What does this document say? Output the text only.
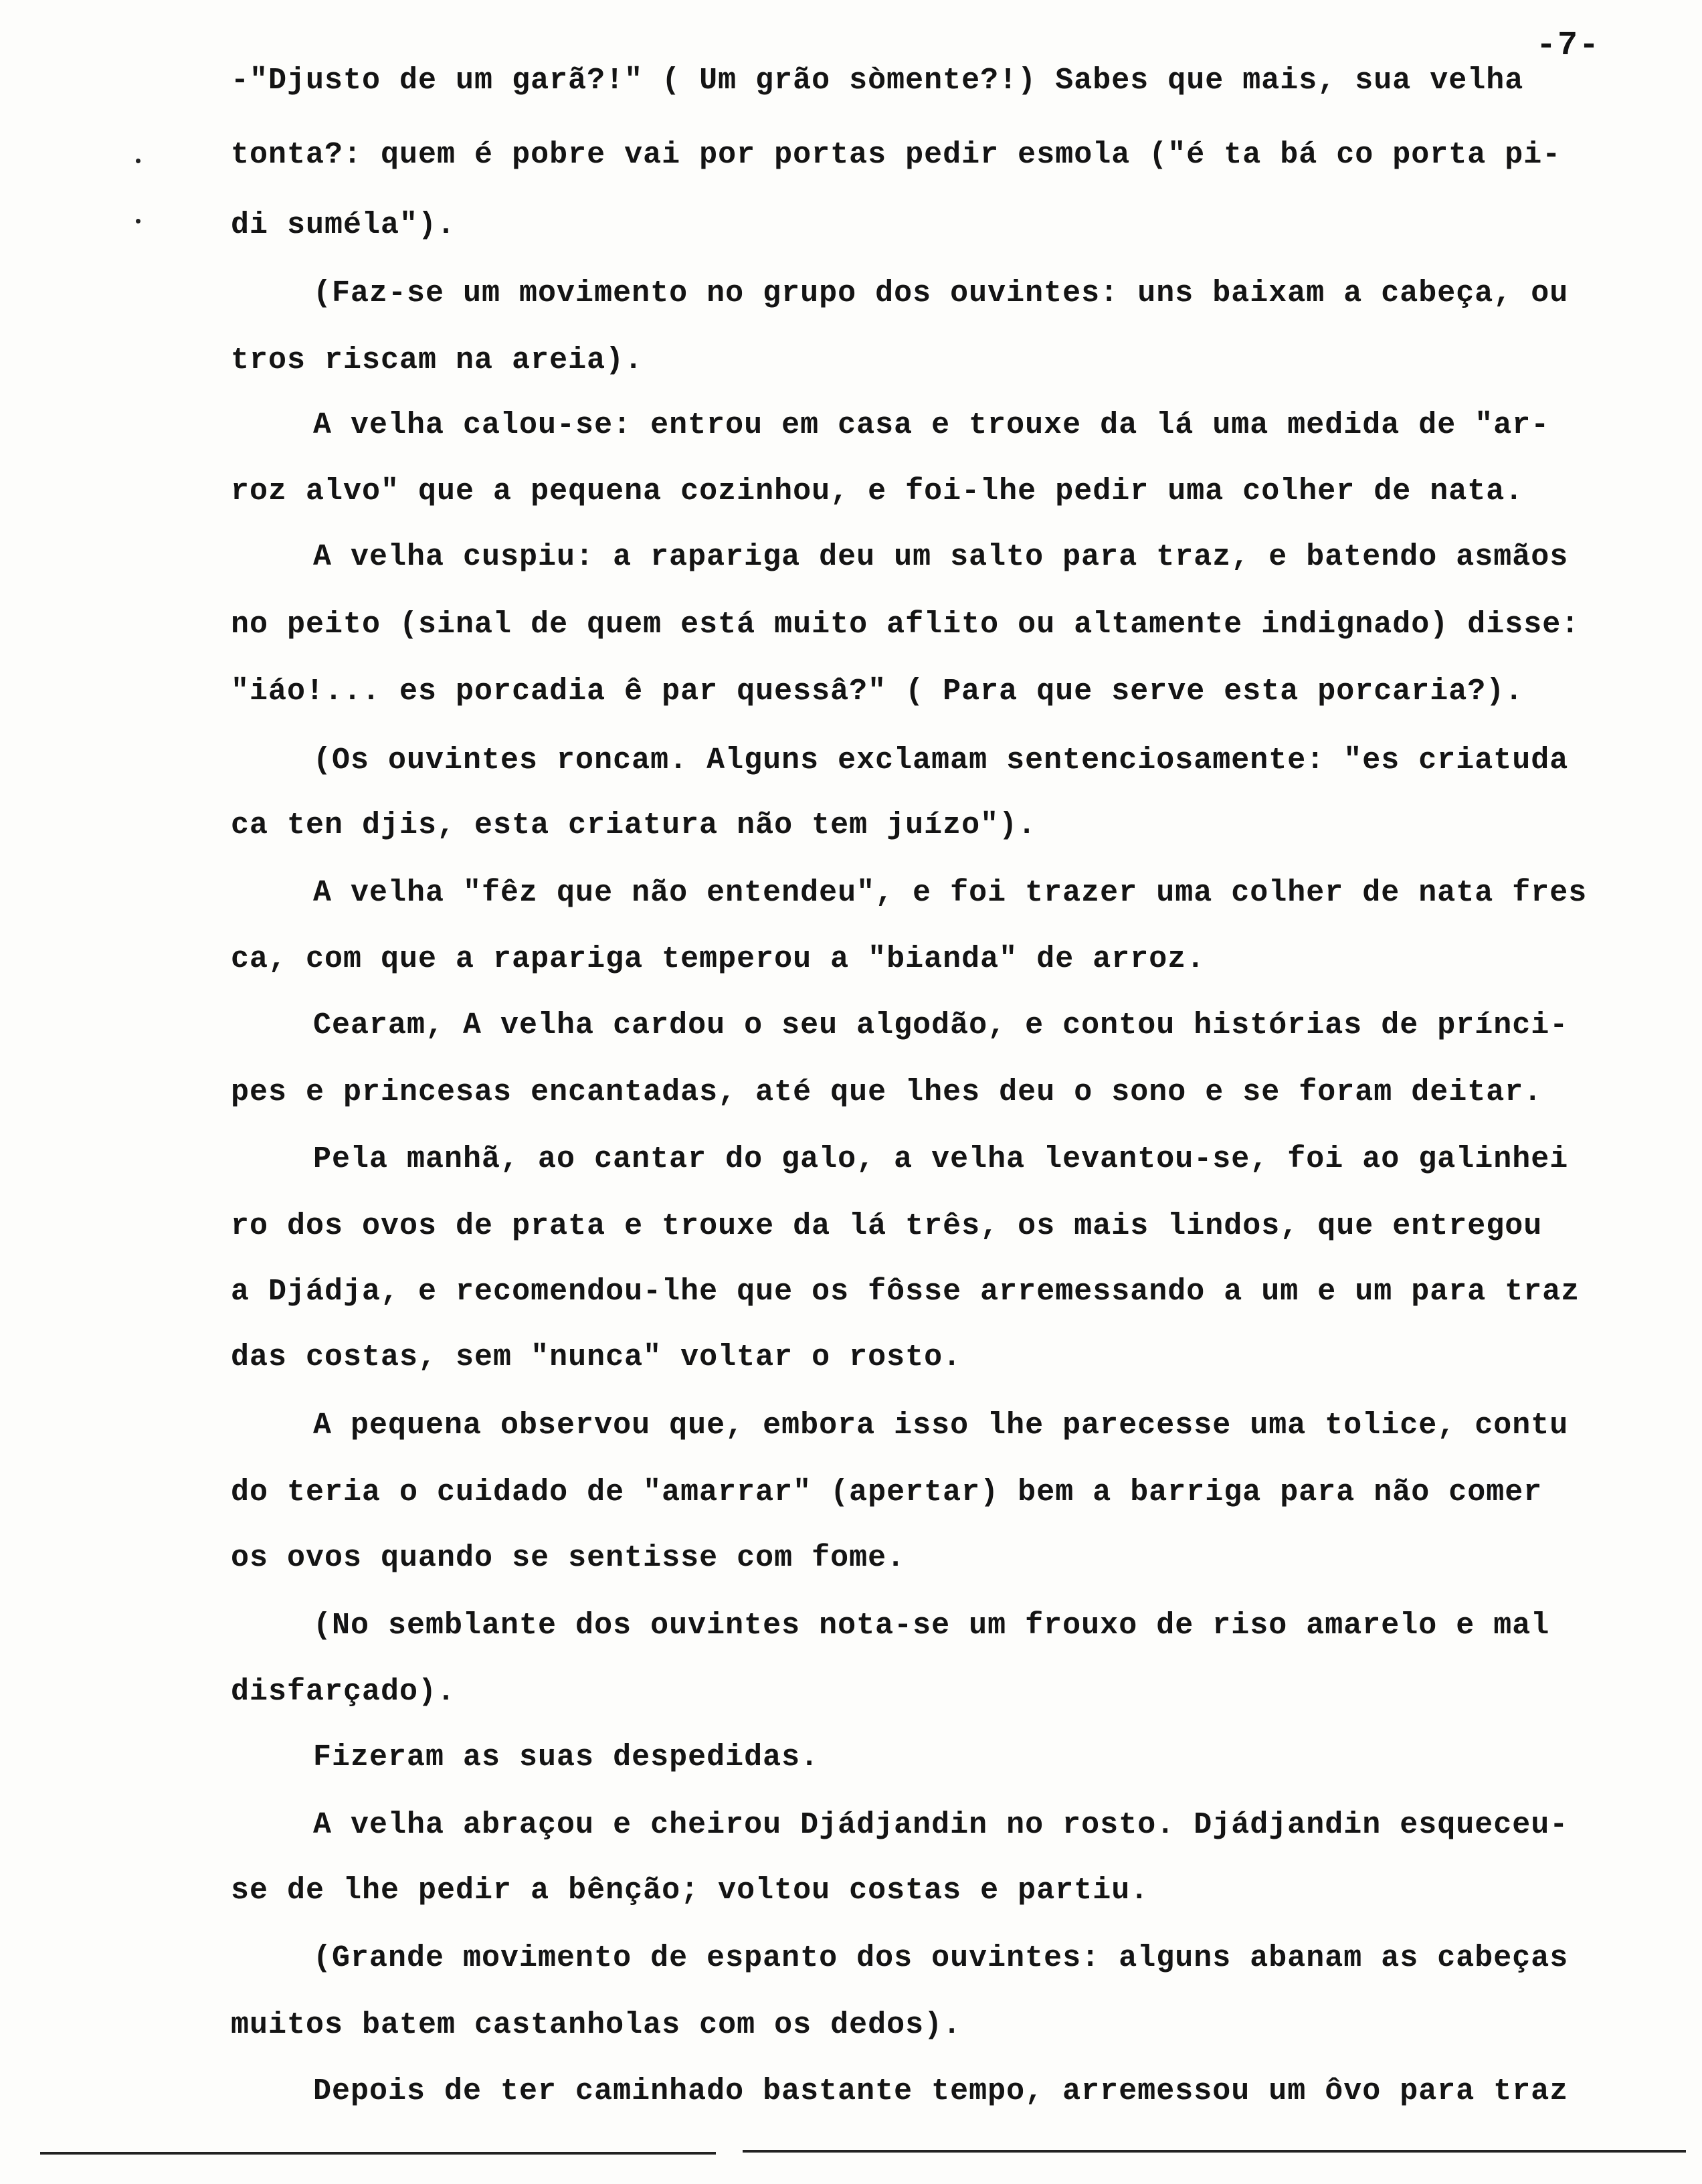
-7-
-"Djusto de um garã?!" ( Um grão sòmente?!) Sabes que mais, sua velha
tonta?: quem é pobre vai por portas pedir esmola ("é ta bá co porta pi-
di suméla").
(Faz-se um movimento no grupo dos ouvintes: uns baixam a cabeça, ou
tros riscam na areia).
A velha calou-se: entrou em casa e trouxe da lá uma medida de "ar-
roz alvo" que a pequena cozinhou, e foi-lhe pedir uma colher de nata.
A velha cuspiu: a rapariga deu um salto para traz, e batendo asmãos
no peito (sinal de quem está muito aflito ou altamente indignado) disse:
"iáo!... es porcadia ê par quessâ?" ( Para que serve esta porcaria?).
(Os ouvintes roncam. Alguns exclamam sentenciosamente: "es criatuda
ca ten djis, esta criatura não tem juízo").
A velha "fêz que não entendeu", e foi trazer uma colher de nata fres
ca, com que a rapariga temperou a "bianda" de arroz.
Cearam, A velha cardou o seu algodão, e contou histórias de prínci-
pes e princesas encantadas, até que lhes deu o sono e se foram deitar.
Pela manhã, ao cantar do galo, a velha levantou-se, foi ao galinhei
ro dos ovos de prata e trouxe da lá três, os mais lindos, que entregou
a Djádja, e recomendou-lhe que os fôsse arremessando a um e um para traz
das costas, sem "nunca" voltar o rosto.
A pequena observou que, embora isso lhe parecesse uma tolice, contu
do teria o cuidado de "amarrar" (apertar) bem a barriga para não comer
os ovos quando se sentisse com fome.
(No semblante dos ouvintes nota-se um frouxo de riso amarelo e mal
disfarçado).
Fizeram as suas despedidas.
A velha abraçou e cheirou Djádjandin no rosto. Djádjandin esqueceu-
se de lhe pedir a bênção; voltou costas e partiu.
(Grande movimento de espanto dos ouvintes: alguns abanam as cabeças
muitos batem castanholas com os dedos).
Depois de ter caminhado bastante tempo, arremessou um ôvo para traz
